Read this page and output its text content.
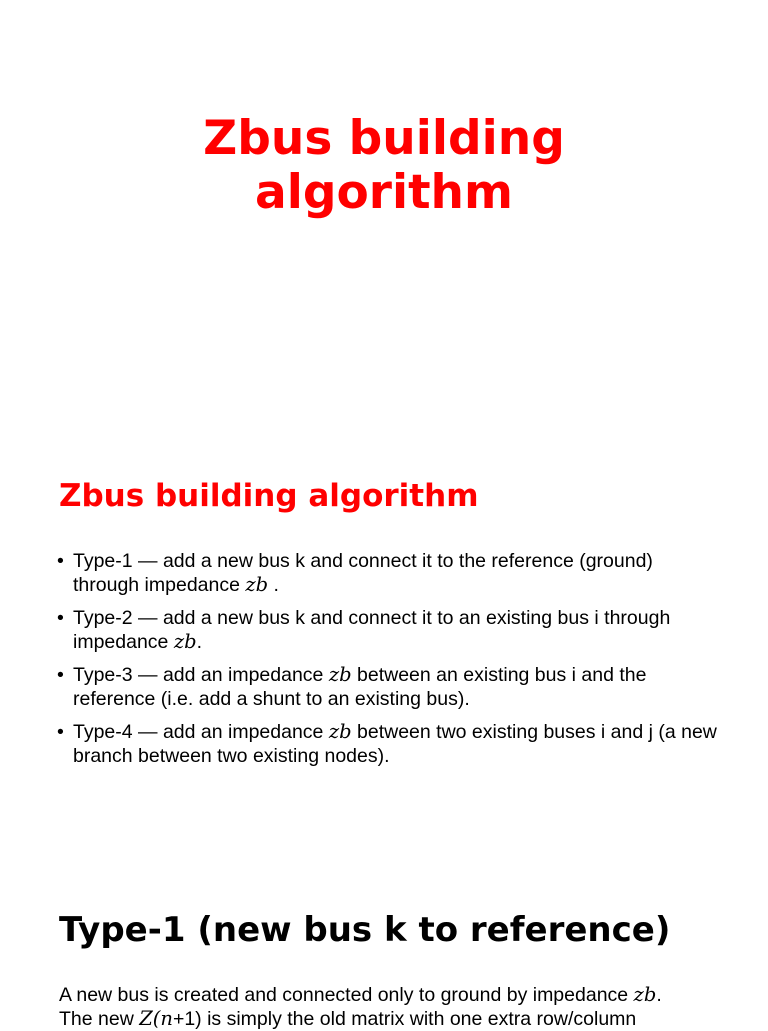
Zbus building
algorithm
Zbus building algorithm
• Type-1 — add a new bus k and connect it to the reference (ground) through impedance zb .
• Type-2 — add a new bus k and connect it to an existing bus i through impedance zb.
• Type-3 — add an impedance zb between an existing bus i and the reference (i.e. add a shunt to an existing bus).
• Type-4 — add an impedance zb between two existing buses i and j (a new branch between two existing nodes).
Type-1 (new bus k to reference)

A new bus is created and connected only to ground by impedance zb.
The new Z(n+1) is simply the old matrix with one extra row/column
